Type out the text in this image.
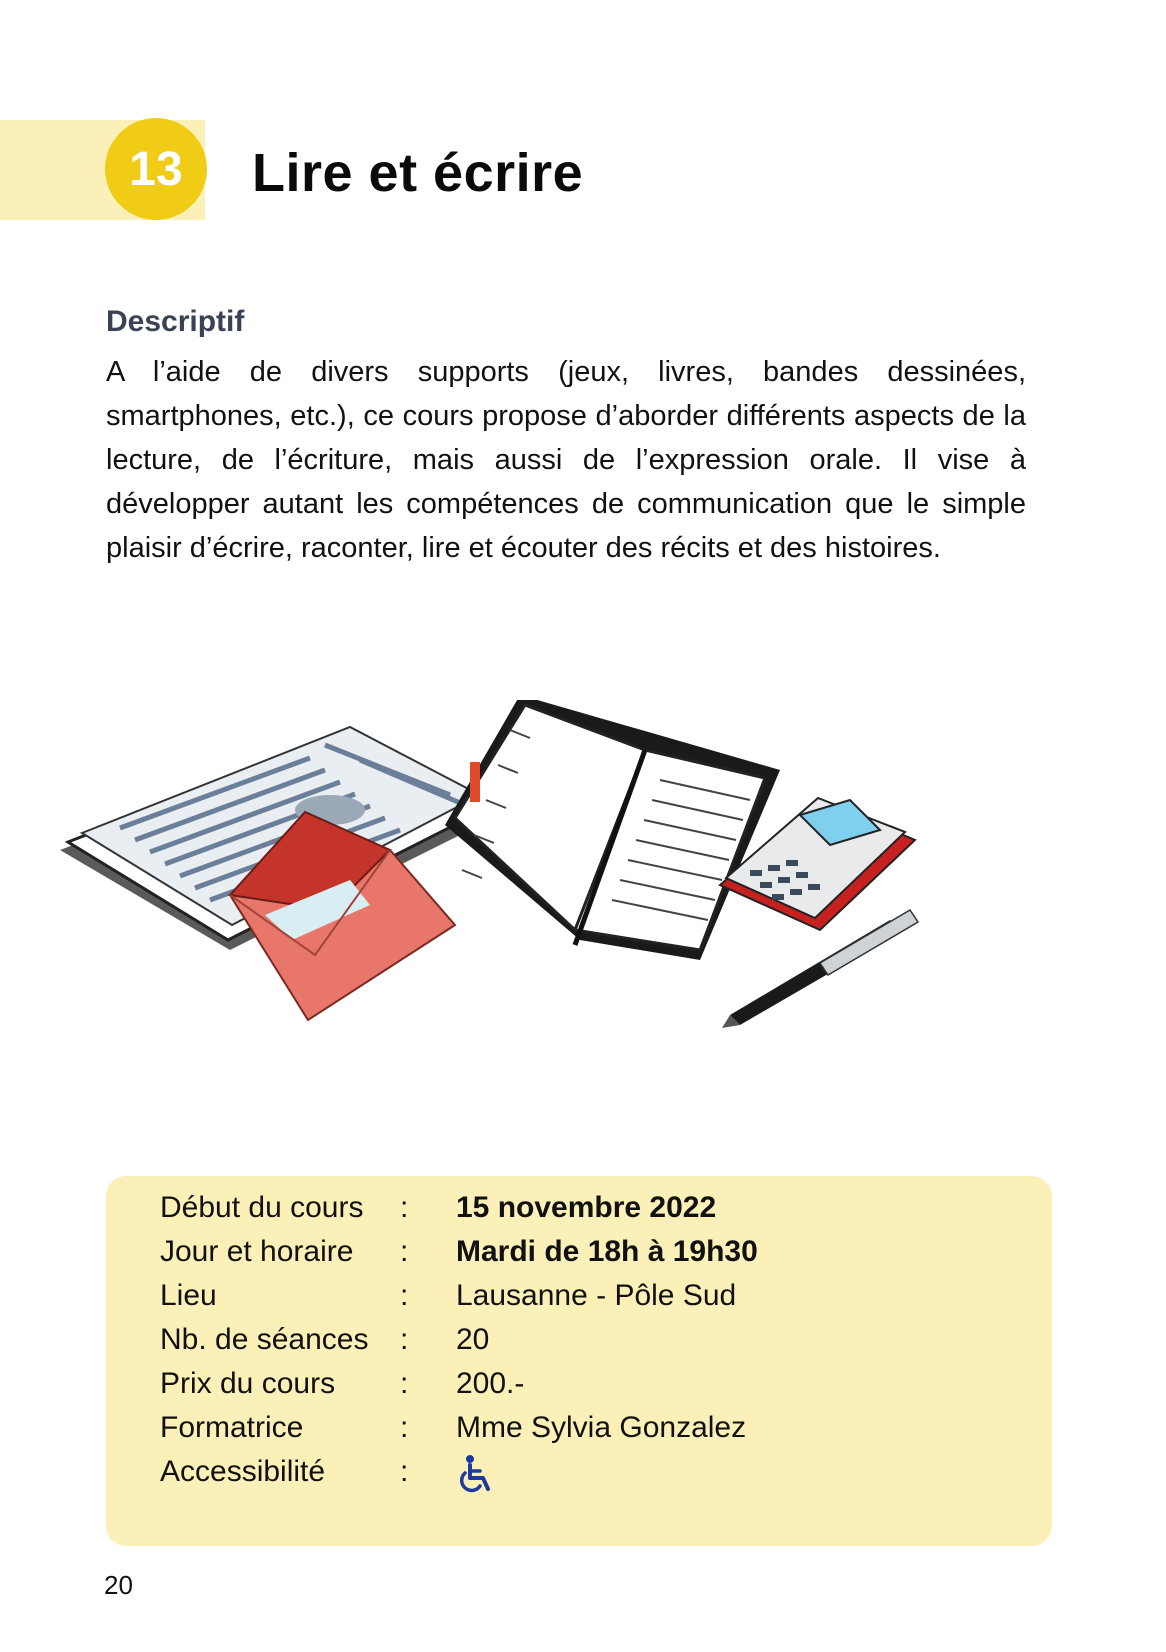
13 Lire et écrire
Descriptif

A l’aide de divers supports (jeux, livres, bandes dessinées, smartphones, etc.), ce cours propose d’aborder différents aspects de la lecture, de l’écriture, mais aussi de l’expression orale. Il vise à développer autant les compétences de communication que le simple plaisir d’écrire, raconter, lire et écouter des récits et des histoires.

Début du cours	: 15 novembre 2022
Jour et horaire	: Mardi de 18h à 19h30
Lieu	: Lausanne - Pôle Sud
Nb. de séances	: 20
Prix du cours	: 200.-
Formatrice	: Mme Sylvia Gonzalez
Accessibilité	:
20
